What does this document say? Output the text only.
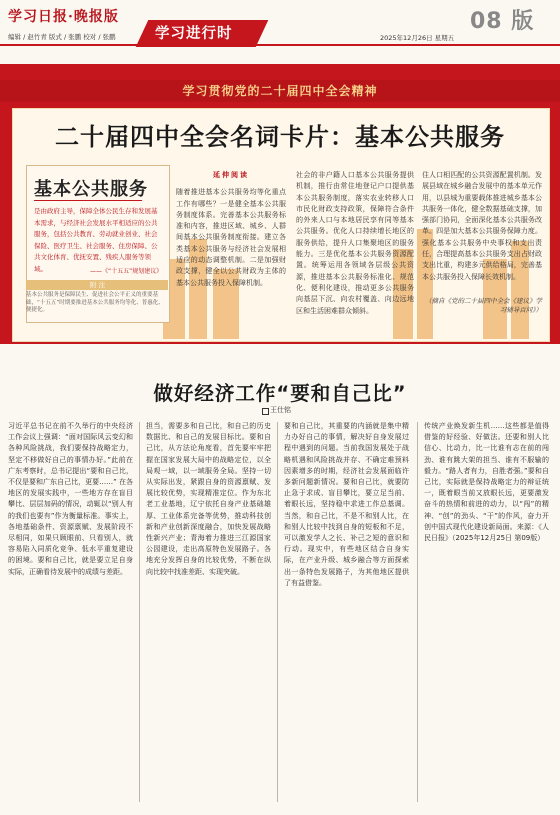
学习日报·晚报版
编辑 / 赵竹青 版式 / 张鹏 校对 / 张鹏	学习进行时	08 版
2025年12月26日 星期五
学习贯彻党的二十届四中全会精神
二十届四中全会名词卡片：基本公共服务
基本公共服务
是由政府主导，保障全体公民生存和发展基本需求，与经济社会发展水平相适应的公共服务，包括公共教育、劳动就业创业、社会保险、医疗卫生、社会服务、住房保障、公共文化体育、优抚安置、残疾人服务等领域。
附 注
——《“十五五”规划建议》
基本公共服务是保障民生、促进社会公平正义的重要基础，“十五五”时期要推进基本公共服务均等化、普惠化、便捷化。
延伸阅读
随着推进基本公共服务均等化重点工作有哪些？一是健全基本公共服务制度体系。完善基本公共服务标准和内容，推进区域、城乡、人群间基本公共服务制度衔接。建立各类基本公共服务与经济社会发展相适应的动态调整机制。二是加强财政支撑，健全以公共财政为主体的基本公共服务投入保障机制。
社会的非户籍人口基本公共服务提供机制，推行由常住地登记户口提供基本公共服务制度，落实农业转移人口市民化财政支持政策，保障符合条件的外来人口与本地居民享有同等基本公共服务。优化人口持续增长地区的服务供给，提升人口集聚地区的服务能力。三是优化基本公共服务资源配置。统筹运用各领域各层级公共资源，推进基本公共服务标准化、规范化、便利化建设，推动更多公共服务向基层下沉、向农村覆盖、向边远地区和生活困难群众倾斜。
住人口相匹配的公共资源配置机制。发展县域在城乡融合发展中的基本单元作用，以县城为重要载体推进城乡基本公共服务一体化，健全数据基础支撑，加强部门协同，全面深化基本公共服务改革。四是加大基本公共服务保障力度。强化基本公共服务中央事权和支出责任，合理提高基本公共服务支出占财政支出比重，构建多元供给格局，完善基本公共服务投入保障长效机制。
（摘自《党的二十届四中全会《建议》学习辅导百问》）
做好经济工作“要和自己比”
王仕铭
习近平总书记在前不久举行的中央经济工作会议上强调：“面对国际风云变幻和各种风险挑战，我们要保持战略定力，坚定不移做好自己的事情办好。”此前在广东考察时，总书记提出“要和自己比，不仅是要和广东自己比，更要……” 在各地区的发展实践中，一些地方存在盲目攀比、层层加码的情况，动辄以“别人有的我们也要有”作为衡量标准。事实上，各地基础条件、资源禀赋、发展阶段不尽相同，如果只顾眼前、只看别人，就容易陷入同质化竞争、低水平重复建设的困境。要和自己比，就是要立足自身实际，正确看待发展中的成绩与差距。
担当，需要多和自己比，和自己的历史数据比、和自己的发展目标比。要和自己比，从方法论角度看，首先要牢牢把握在国家发展大局中的战略定位，以全局观一域，以一域服务全局。坚持一切从实际出发，紧跟自身的资源禀赋、发展比较优势，实现精准定位。作为东北老工业基地，辽宁依托自身产业基础雄厚、工业体系完备等优势，推动科技创新和产业创新深度融合，加快发展战略性新兴产业；青海着力推进三江源国家公园建设，走出高原特色发展路子。各地充分发挥自身的比较优势，不断在纵向比较中找准差距、实现突破。
要和自己比，其重要的内涵就是集中精力办好自己的事情，解决好自身发展过程中遇到的问题。当前我国发展处于战略机遇和风险挑战并存、不确定难预料因素增多的时期，经济社会发展面临许多新问题新情况。要和自己比，就要防止急于求成、盲目攀比，要立足当前、着眼长远，坚持稳中求进工作总基调。当然，和自己比，不是不和别人比，在和别人比较中找到自身的短板和不足，可以激发学人之长、补己之短的意识和行动。现实中，有些地区结合自身实际，在产业升级、城乡融合等方面探索出一条特色发展路子，为其他地区提供了有益借鉴。
传统产业焕发新生机……这些都是值得借鉴的好经验、好做法。还要和别人比信心、比动力，比一比谁有志在前的闯劲、谁有跳大架的担当、谁有不服输的毅力。“路人者有力，自胜者强。”要和自己比，实际就是保持战略定力的辩证统一，既着眼当前又放眼长远，更要激发奋斗的热情和前进的动力，以“闯”的精神、“创”的劲头、“干”的作风，奋力开创中国式现代化建设新局面。来源：《人民日报》（2025年12月25日 第09版）
